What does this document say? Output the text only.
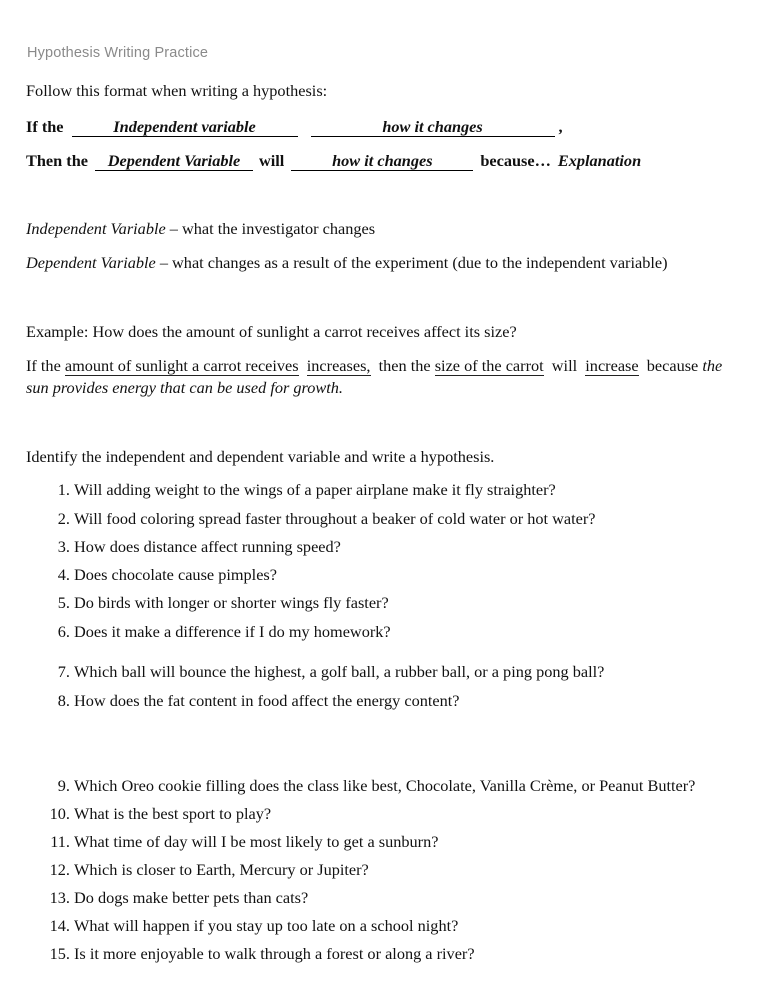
Hypothesis Writing Practice
Follow this format when writing a hypothesis:
If the	Independent variable	how it changes	,
Then the Dependent Variable will	how it changes	because… Explanation
Independent Variable – what the investigator changes
Dependent Variable – what changes as a result of the experiment (due to the independent variable)
Example: How does the amount of sunlight a carrot receives affect its size?
If the amount of sunlight a carrot receives increases, then the size of the carrot will increase because the sun provides energy that can be used for growth.
Identify the independent and dependent variable and write a hypothesis.
1. Will adding weight to the wings of a paper airplane make it fly straighter?
2. Will food coloring spread faster throughout a beaker of cold water or hot water?
3. How does distance affect running speed?
4. Does chocolate cause pimples?
5. Do birds with longer or shorter wings fly faster?
6. Does it make a difference if I do my homework?
7. Which ball will bounce the highest, a golf ball, a rubber ball, or a ping pong ball?
8. How does the fat content in food affect the energy content?
9. Which Oreo cookie filling does the class like best, Chocolate, Vanilla Crème, or Peanut Butter?
10. What is the best sport to play?
11. What time of day will I be most likely to get a sunburn?
12. Which is closer to Earth, Mercury or Jupiter?
13. Do dogs make better pets than cats?
14. What will happen if you stay up too late on a school night?
15. Is it more enjoyable to walk through a forest or along a river?
